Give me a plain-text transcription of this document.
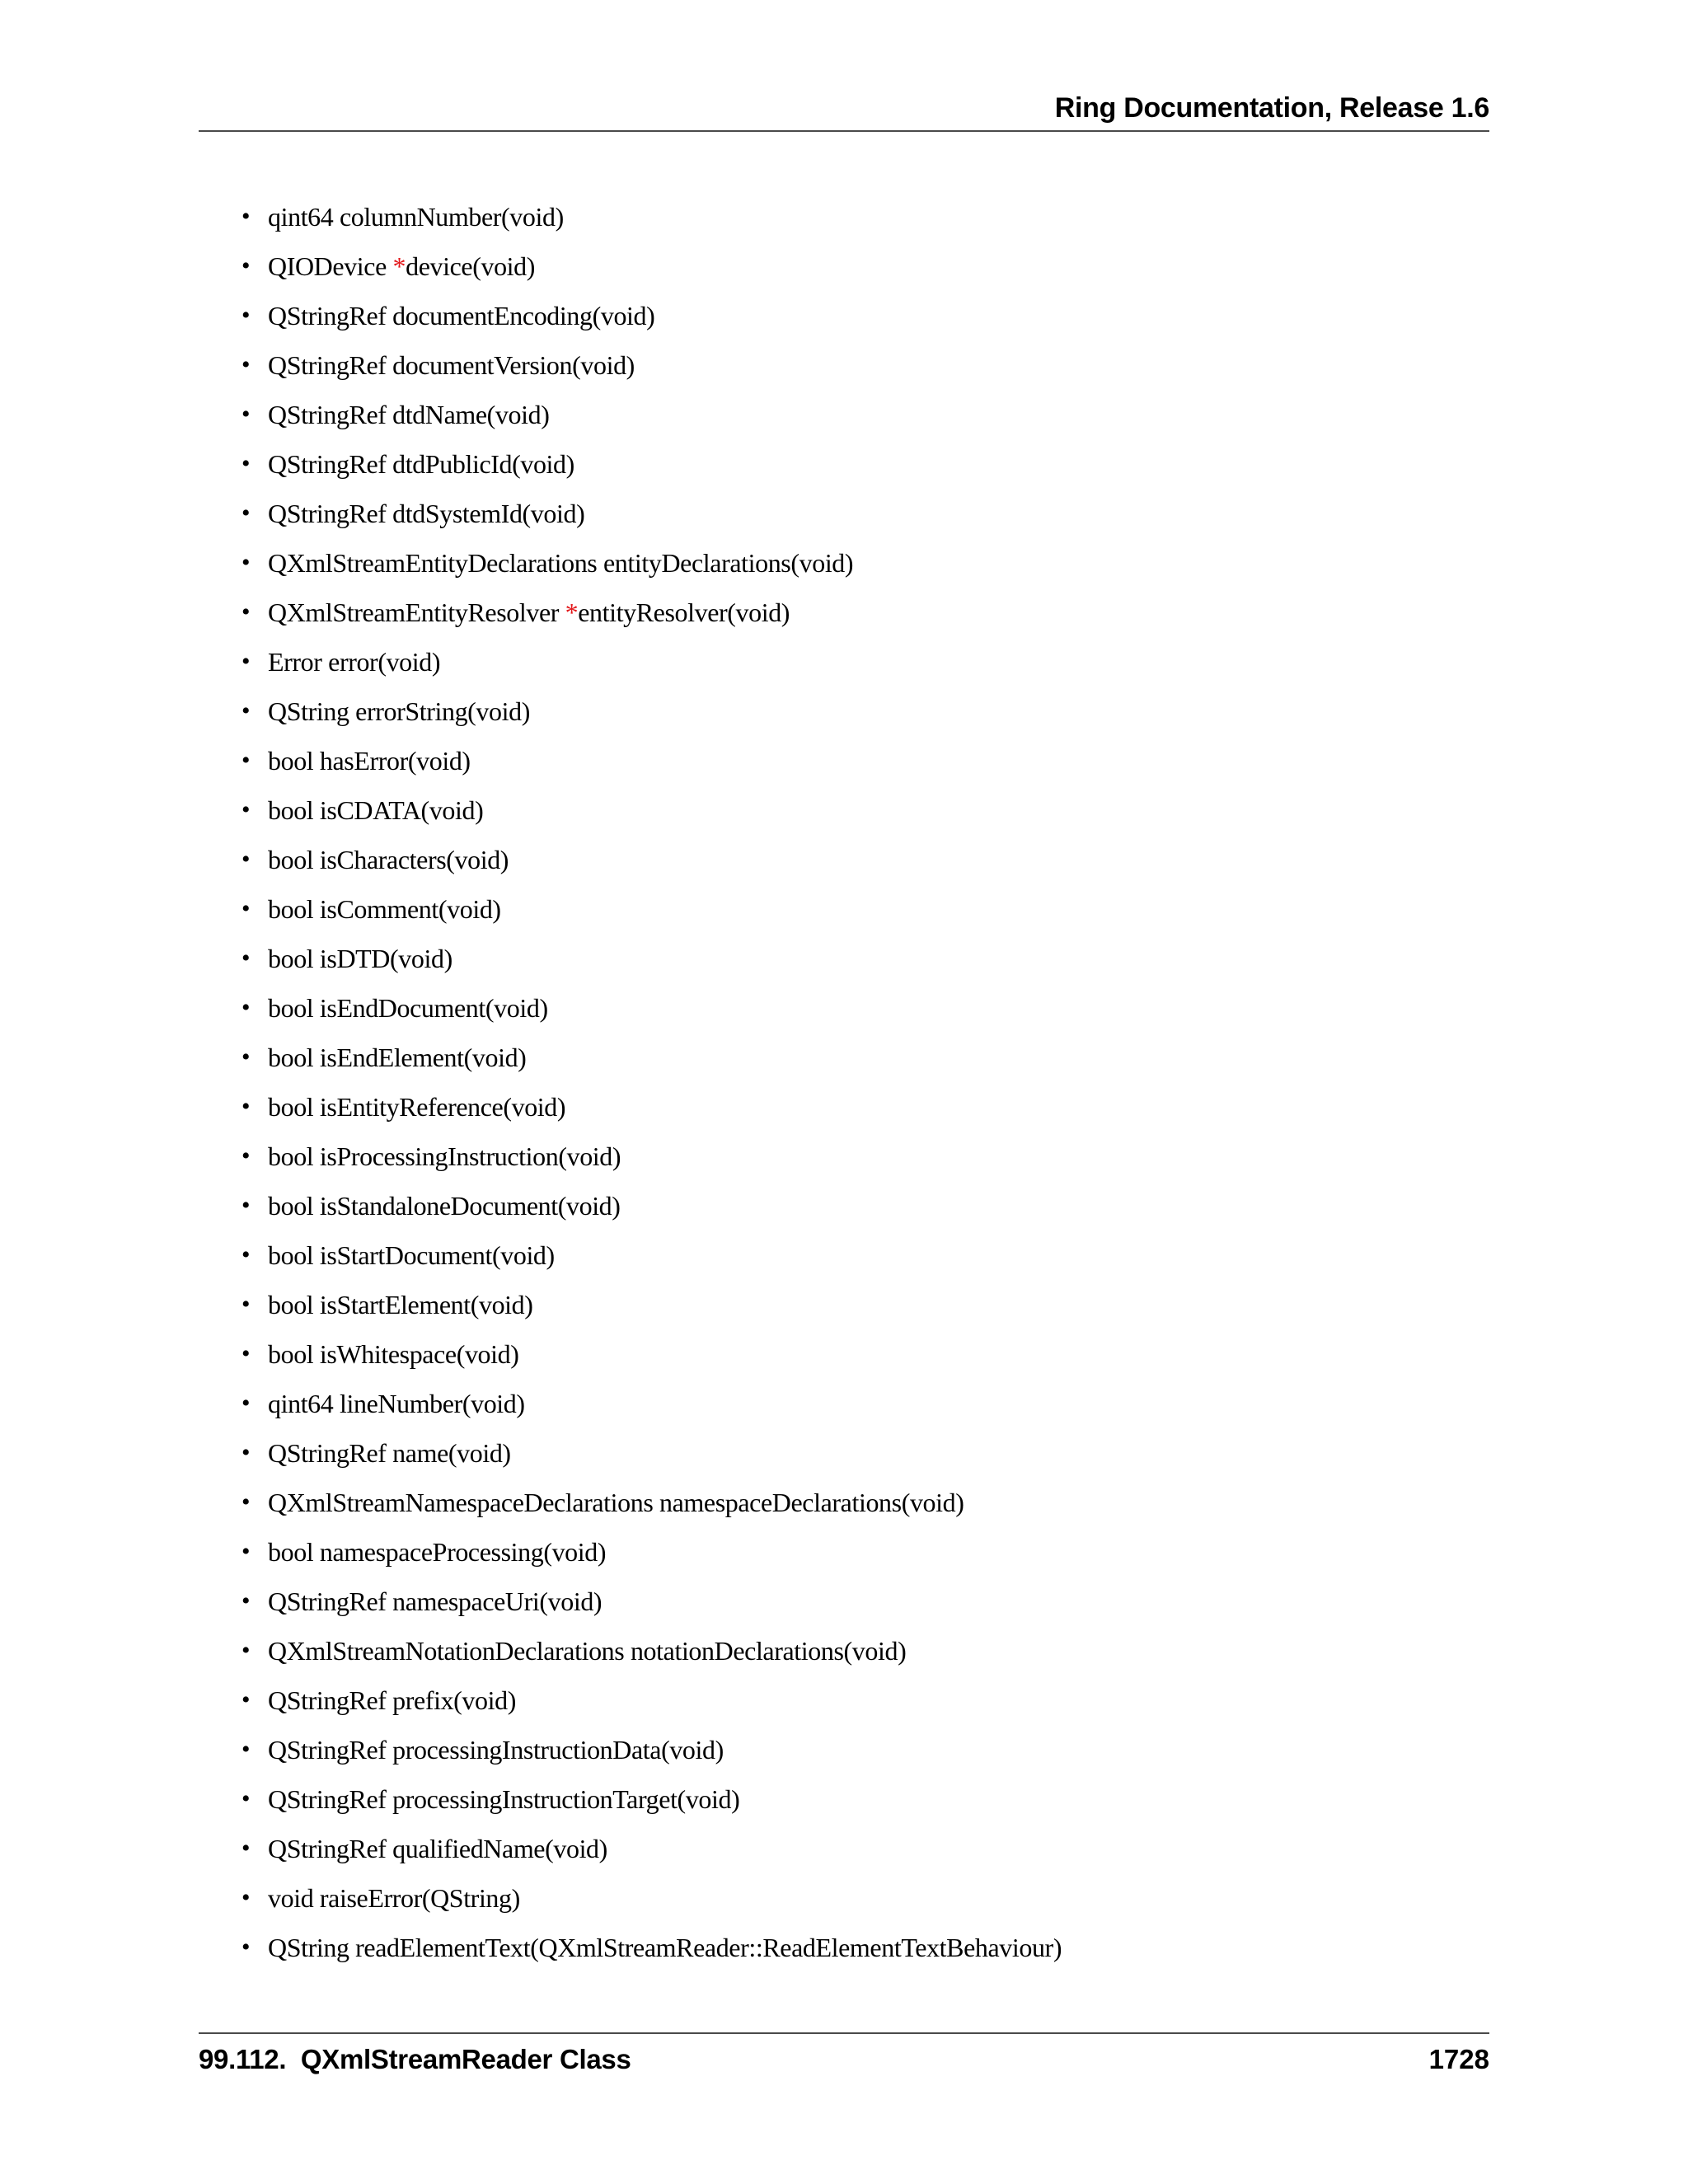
Ring Documentation, Release 1.6
• qint64 columnNumber(void)
• QIODevice *device(void)
• QStringRef documentEncoding(void)
• QStringRef documentVersion(void)
• QStringRef dtdName(void)
• QStringRef dtdPublicId(void)
• QStringRef dtdSystemId(void)
• QXmlStreamEntityDeclarations entityDeclarations(void)
• QXmlStreamEntityResolver *entityResolver(void)
• Error error(void)
• QString errorString(void)
• bool hasError(void)
• bool isCDATA(void)
• bool isCharacters(void)
• bool isComment(void)
• bool isDTD(void)
• bool isEndDocument(void)
• bool isEndElement(void)
• bool isEntityReference(void)
• bool isProcessingInstruction(void)
• bool isStandaloneDocument(void)
• bool isStartDocument(void)
• bool isStartElement(void)
• bool isWhitespace(void)
• qint64 lineNumber(void)
• QStringRef name(void)
• QXmlStreamNamespaceDeclarations namespaceDeclarations(void)
• bool namespaceProcessing(void)
• QStringRef namespaceUri(void)
• QXmlStreamNotationDeclarations notationDeclarations(void)
• QStringRef prefix(void)
• QStringRef processingInstructionData(void)
• QStringRef processingInstructionTarget(void)
• QStringRef qualifiedName(void)
• void raiseError(QString)
• QString readElementText(QXmlStreamReader::ReadElementTextBehaviour)
99.112.  QXmlStreamReader Class	1728
